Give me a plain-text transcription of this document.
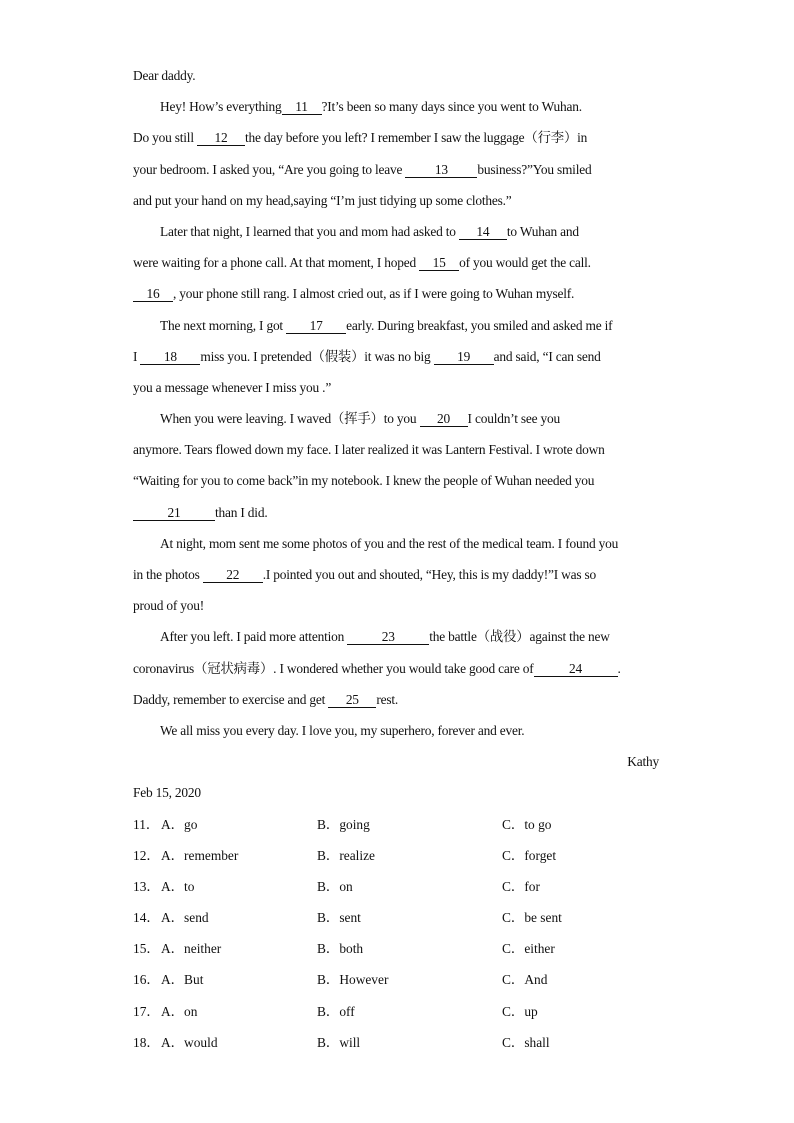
Dear daddy.
Hey! How’s everything 11 ?It’s been so many days since you went to Wuhan.
Do you still 12 the day before you left? I remember I saw the luggage（行李）in
your bedroom. I asked you, “Are you going to leave 13 business?”You smiled
and put your hand on my head,saying “I’m just tidying up some clothes.”
Later that night, I learned that you and mom had asked to 14 to Wuhan and
were waiting for a phone call. At that moment, I hoped 15 of you would get the call.
16 , your phone still rang. I almost cried out, as if I were going to Wuhan myself.
The next morning, I got 17 early. During breakfast, you smiled and asked me if
I 18 miss you. I pretended（假装）it was no big 19 and said, “I can send
you a message whenever I miss you .”
When you were leaving. I waved（挥手）to you 20 I couldn’t see you
anymore. Tears flowed down my face. I later realized it was Lantern Festival. I wrote down
“Waiting for you to come back”in my notebook. I knew the people of Wuhan needed you
21	than I did.
At night, mom sent me some photos of you and the rest of the medical team. I found you
in the photos 22 .I pointed you out and shouted, “Hey, this is my daddy!”I was so
proud of you!
After you left. I paid more attention	23	the battle（战役）against the new
coronavirus（冠状病毒）. I wondered whether you would take good care of	24	.
Daddy, remember to exercise and get 25 rest.
We all miss you every day. I love you, my superhero, forever and ever.
Kathy
Feb 15, 2020
11． A．go	B．going	C．to go
12． A．remember	B．realize	C．forget
13． A．to	B．on	C．for
14． A．send	B．sent	C．be sent
15． A．neither	B．both	C．either
16． A．But	B．However	C．And
17． A．on	B．off	C．up
18． A．would	B．will	C．shall
